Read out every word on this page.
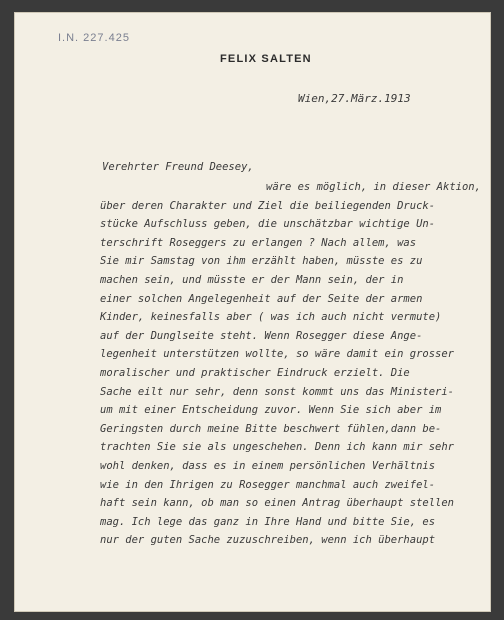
I.N. 227.425
FELIX SALTEN
Wien,27.März.1913
Verehrter Freund Deesey,
wäre es möglich, in dieser Aktion,
über deren Charakter und Ziel die beiliegenden Druck-
stücke Aufschluss geben, die unschätzbar wichtige Un-
terschrift Roseggers zu erlangen ? Nach allem, was
Sie mir Samstag von ihm erzählt haben, müsste es zu
machen sein, und müsste er der Mann sein, der in
einer solchen Angelegenheit auf der Seite der armen
Kinder, keinesfalls aber ( was ich auch nicht vermute)
auf der Dunglseite steht. Wenn Rosegger diese Ange-
legenheit unterstützen wollte, so wäre damit ein grosser
moralischer und praktischer Eindruck erzielt. Die
Sache eilt nur sehr, denn sonst kommt uns das Ministeri-
um mit einer Entscheidung zuvor. Wenn Sie sich aber im
Geringsten durch meine Bitte beschwert fühlen,dann be-
trachten Sie sie als ungeschehen. Denn ich kann mir sehr
wohl denken, dass es in einem persönlichen Verhältnis
wie in den Ihrigen zu Rosegger manchmal auch zweifel-
haft sein kann, ob man so einen Antrag überhaupt stellen
mag. Ich lege das ganz in Ihre Hand und bitte Sie, es
nur der guten Sache zuzuschreiben, wenn ich überhaupt
